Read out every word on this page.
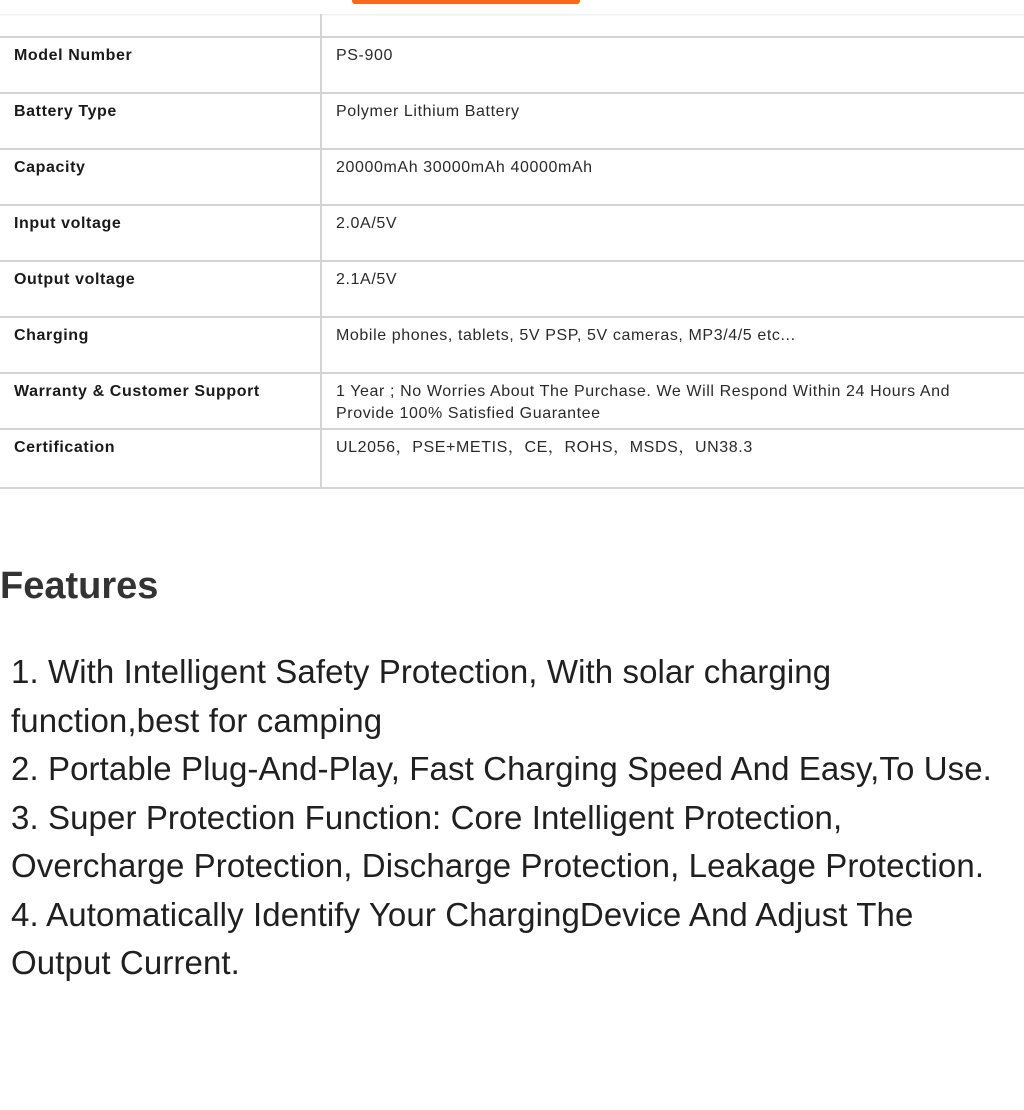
Model Number	PS-900
Battery Type	Polymer Lithium Battery
Capacity	20000mAh 30000mAh 40000mAh
Input voltage	2.0A/5V
Output voltage	2.1A/5V
Charging	Mobile phones, tablets, 5V PSP, 5V cameras, MP3/4/5 etc...
Warranty & Customer Support	1 Year ; No Worries About The Purchase. We Will Respond Within 24 Hours And Provide 100% Satisfied Guarantee
Certification	UL2056，PSE+METIS，CE，ROHS，MSDS，UN38.3
Features
1. With Intelligent Safety Protection, With solar charging function,best for camping
2. Portable Plug-And-Play, Fast Charging Speed And Easy,To Use.
3. Super Protection Function: Core Intelligent Protection, Overcharge Protection, Discharge Protection, Leakage Protection.
4. Automatically Identify Your ChargingDevice And Adjust The Output Current.
